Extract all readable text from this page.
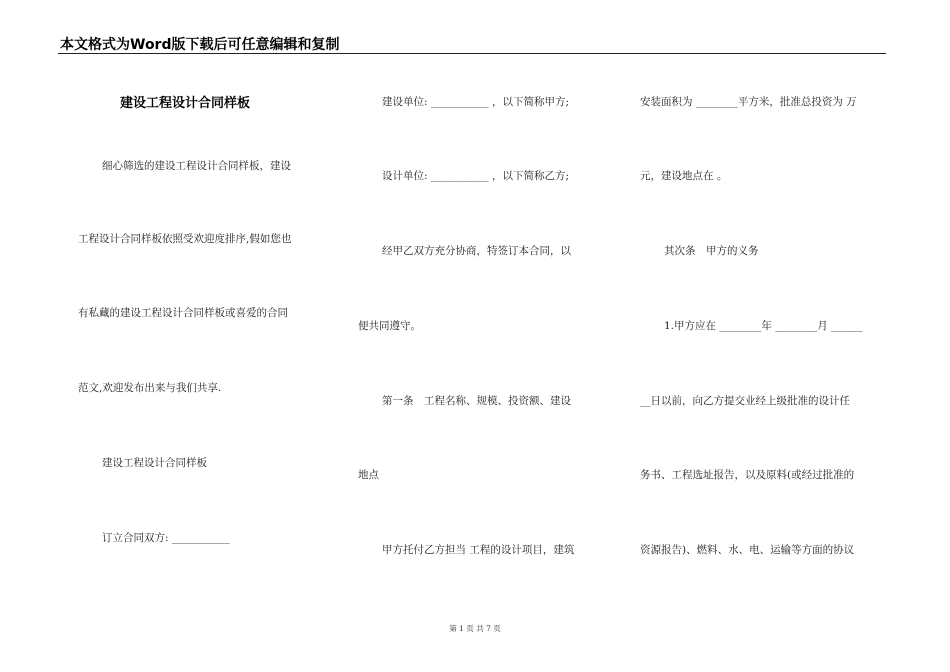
本文格式为Word版下载后可任意编辑和复制
建设工程设计合同样板
细心筛选的建设工程设计合同样板，建设
工程设计合同样板依照受欢迎度排序,假如您也
有私藏的建设工程设计合同样板或喜爱的合同
范文,欢迎发布出来与我们共享.
建设工程设计合同样板
订立合同双方: ___________
建设单位: ___________ ，以下简称甲方;
设计单位: ___________ ，以下简称乙方;
经甲乙双方充分协商，特签订本合同，以
便共同遵守。
第一条　工程名称、规模、投资额、建设
地点
甲方托付乙方担当 工程的设计项目，建筑
安装面积为 ________平方米，批准总投资为 万
元，建设地点在 。
其次条　甲方的义务
1.甲方应在 ________年 ________月 ______
__日以前，向乙方提交业经上级批准的设计任
务书、工程选址报告，以及原料(或经过批准的
资源报告)、燃料、水、电、运输等方面的协议
第 1 页 共 7 页
